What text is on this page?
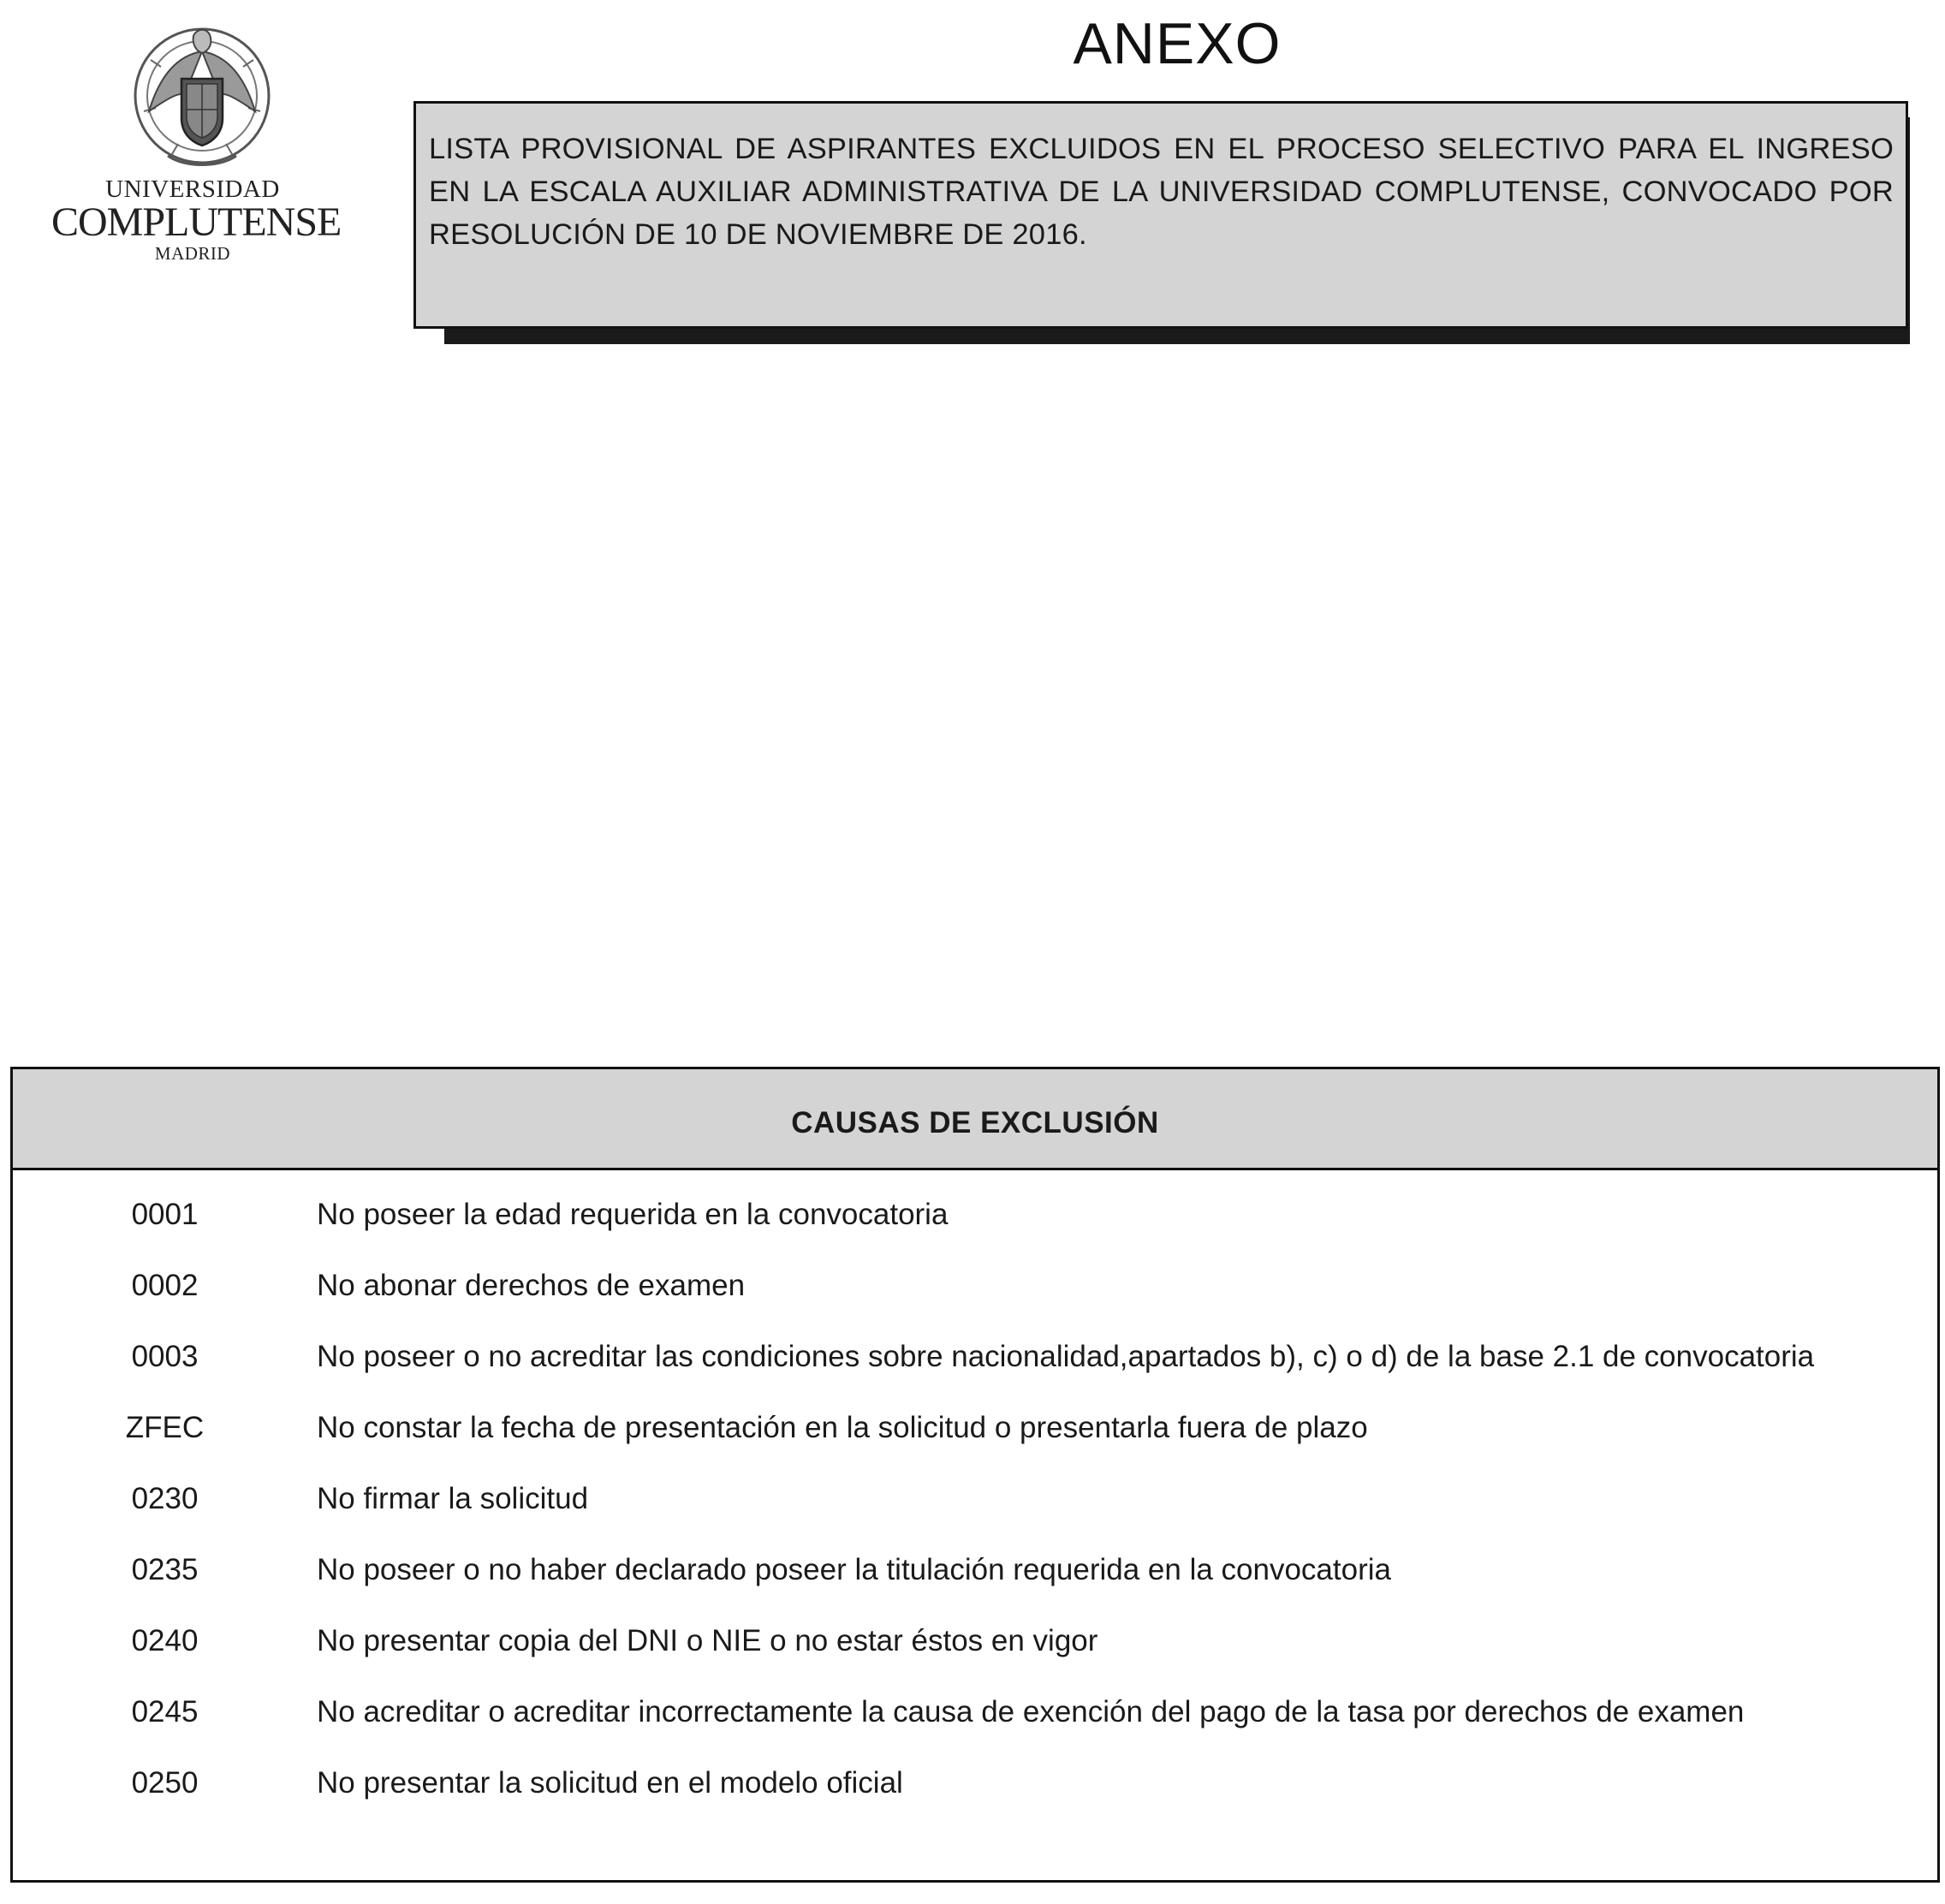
UNIVERSIDAD
COMPLUTENSE
MADRID
ANEXO
LISTA PROVISIONAL DE ASPIRANTES EXCLUIDOS EN EL PROCESO SELECTIVO PARA EL INGRESO EN LA ESCALA AUXILIAR ADMINISTRATIVA DE LA UNIVERSIDAD COMPLUTENSE, CONVOCADO POR RESOLUCIÓN DE 10 DE NOVIEMBRE DE 2016.
CAUSAS DE EXCLUSIÓN
0001	No poseer la edad requerida en la convocatoria
0002	No abonar derechos de examen
0003	No poseer o no acreditar las condiciones sobre nacionalidad,apartados b), c) o d) de la base 2.1 de convocatoria
ZFEC	No constar la fecha de presentación en la solicitud o presentarla fuera de plazo
0230	No firmar la solicitud
0235	No poseer o no haber declarado poseer la titulación requerida en la convocatoria
0240	No presentar copia del DNI o NIE o no estar éstos en vigor
0245	No acreditar o acreditar incorrectamente la causa de exención del pago de la tasa por derechos de examen
0250	No presentar la solicitud en el modelo oficial
